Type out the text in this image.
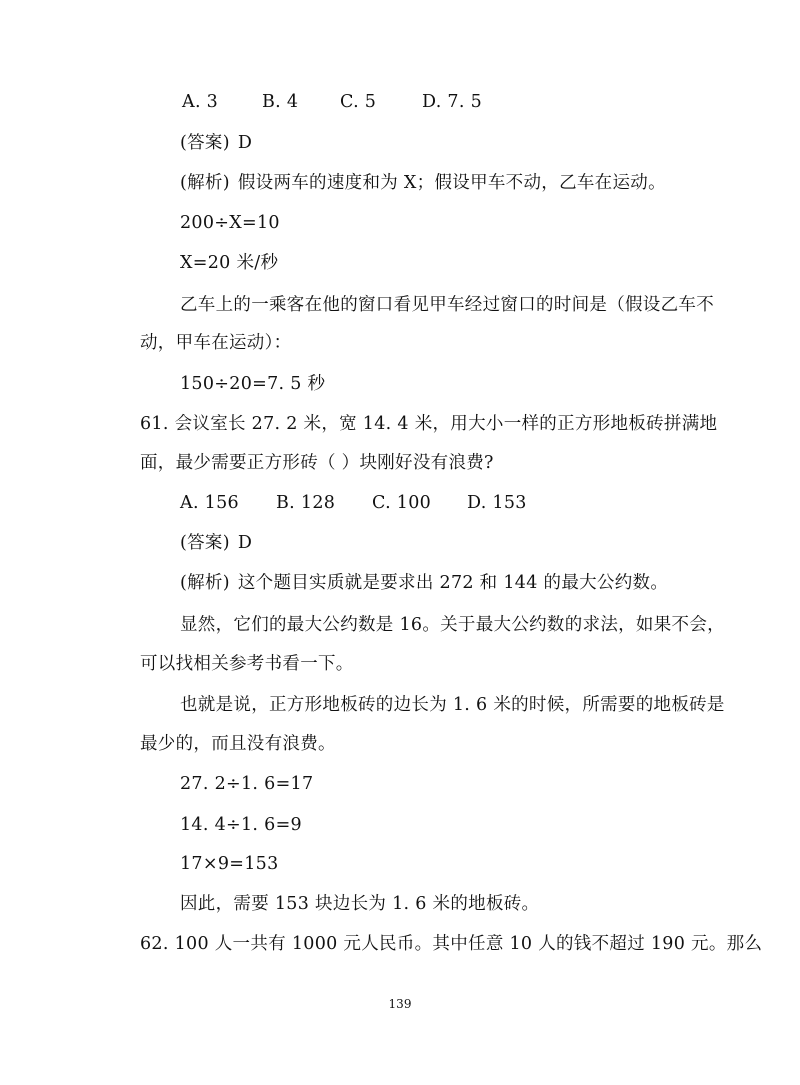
A. 3	B. 4 C. 5	D. 7. 5
(答案) D
(解析) 假设两车的速度和为 X；假设甲车不动，乙车在运动。
200÷X=10
X=20 米/秒
乙车上的一乘客在他的窗口看见甲车经过窗口的时间是（假设乙车不
动，甲车在运动）：
150÷20=7. 5 秒
61. 会议室长 27. 2 米，宽 14. 4 米，用大小一样的正方形地板砖拼满地
面，最少需要正方形砖（ ）块刚好没有浪费?
A. 156 B. 128 C. 100 D. 153
(答案) D
(解析) 这个题目实质就是要求出 272 和 144 的最大公约数。
显然，它们的最大公约数是 16。关于最大公约数的求法，如果不会，
可以找相关参考书看一下。
也就是说，正方形地板砖的边长为 1. 6 米的时候，所需要的地板砖是
最少的，而且没有浪费。
27. 2÷1. 6=17
14. 4÷1. 6=9
17×9=153
因此，需要 153 块边长为 1. 6 米的地板砖。
62. 100 人一共有 1000 元人民币。其中任意 10 人的钱不超过 190 元。那么
139
